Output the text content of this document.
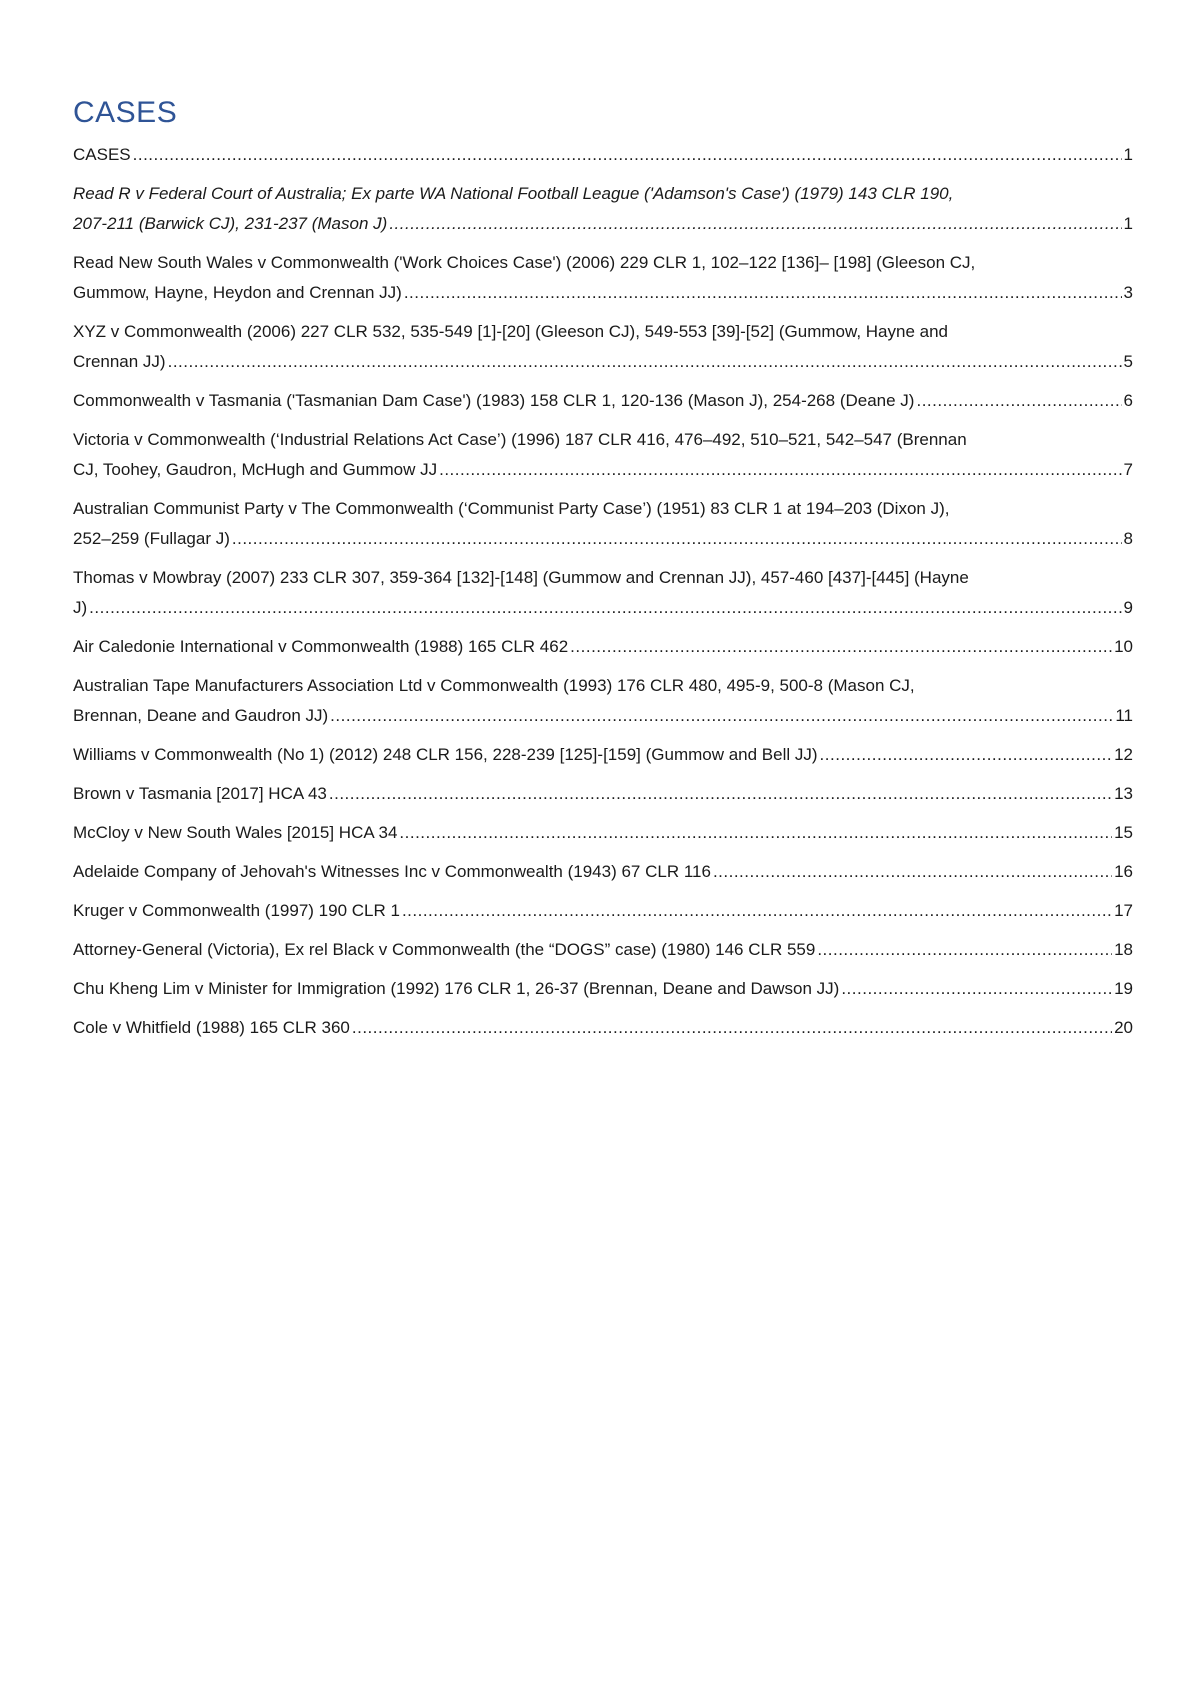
CASES
CASES .....	1
Read R v Federal Court of Australia; Ex parte WA National Football League ('Adamson's Case') (1979) 143 CLR 190,
207-211 (Barwick CJ), 231-237 (Mason J) .....	1
Read New South Wales v Commonwealth ('Work Choices Case') (2006) 229 CLR 1, 102–122 [136]– [198] (Gleeson CJ,
Gummow, Hayne, Heydon and Crennan JJ) .....	3
XYZ v Commonwealth (2006) 227 CLR 532, 535-549 [1]-[20] (Gleeson CJ), 549-553 [39]-[52] (Gummow, Hayne and
Crennan JJ) .....	5
Commonwealth v Tasmania ('Tasmanian Dam Case') (1983) 158 CLR 1, 120-136 (Mason J), 254-268 (Deane J) .....	6
Victoria v Commonwealth (‘Industrial Relations Act Case’) (1996) 187 CLR 416, 476–492, 510–521, 542–547 (Brennan
CJ, Toohey, Gaudron, McHugh and Gummow JJ .....	7
Australian Communist Party v The Commonwealth (‘Communist Party Case’) (1951) 83 CLR 1 at 194–203 (Dixon J),
252–259 (Fullagar J) .....	8
Thomas v Mowbray (2007) 233 CLR 307, 359-364 [132]-[148] (Gummow and Crennan JJ), 457-460 [437]-[445] (Hayne
J) .....	9
Air Caledonie International v Commonwealth (1988) 165 CLR 462 .....	10
Australian Tape Manufacturers Association Ltd v Commonwealth (1993) 176 CLR 480, 495-9, 500-8 (Mason CJ,
Brennan, Deane and Gaudron JJ) .....	11
Williams v Commonwealth (No 1) (2012) 248 CLR 156, 228-239 [125]-[159] (Gummow and Bell JJ) .....	12
Brown v Tasmania [2017] HCA 43 .....	13
McCloy v New South Wales [2015] HCA 34 .....	15
Adelaide Company of Jehovah's Witnesses Inc v Commonwealth (1943) 67 CLR 116 .....	16
Kruger v Commonwealth (1997) 190 CLR 1 .....	17
Attorney-General (Victoria), Ex rel Black v Commonwealth (the “DOGS” case) (1980) 146 CLR 559 .....	18
Chu Kheng Lim v Minister for Immigration (1992) 176 CLR 1, 26-37 (Brennan, Deane and Dawson JJ) .....	19
Cole v Whitfield (1988) 165 CLR 360 .....	20
